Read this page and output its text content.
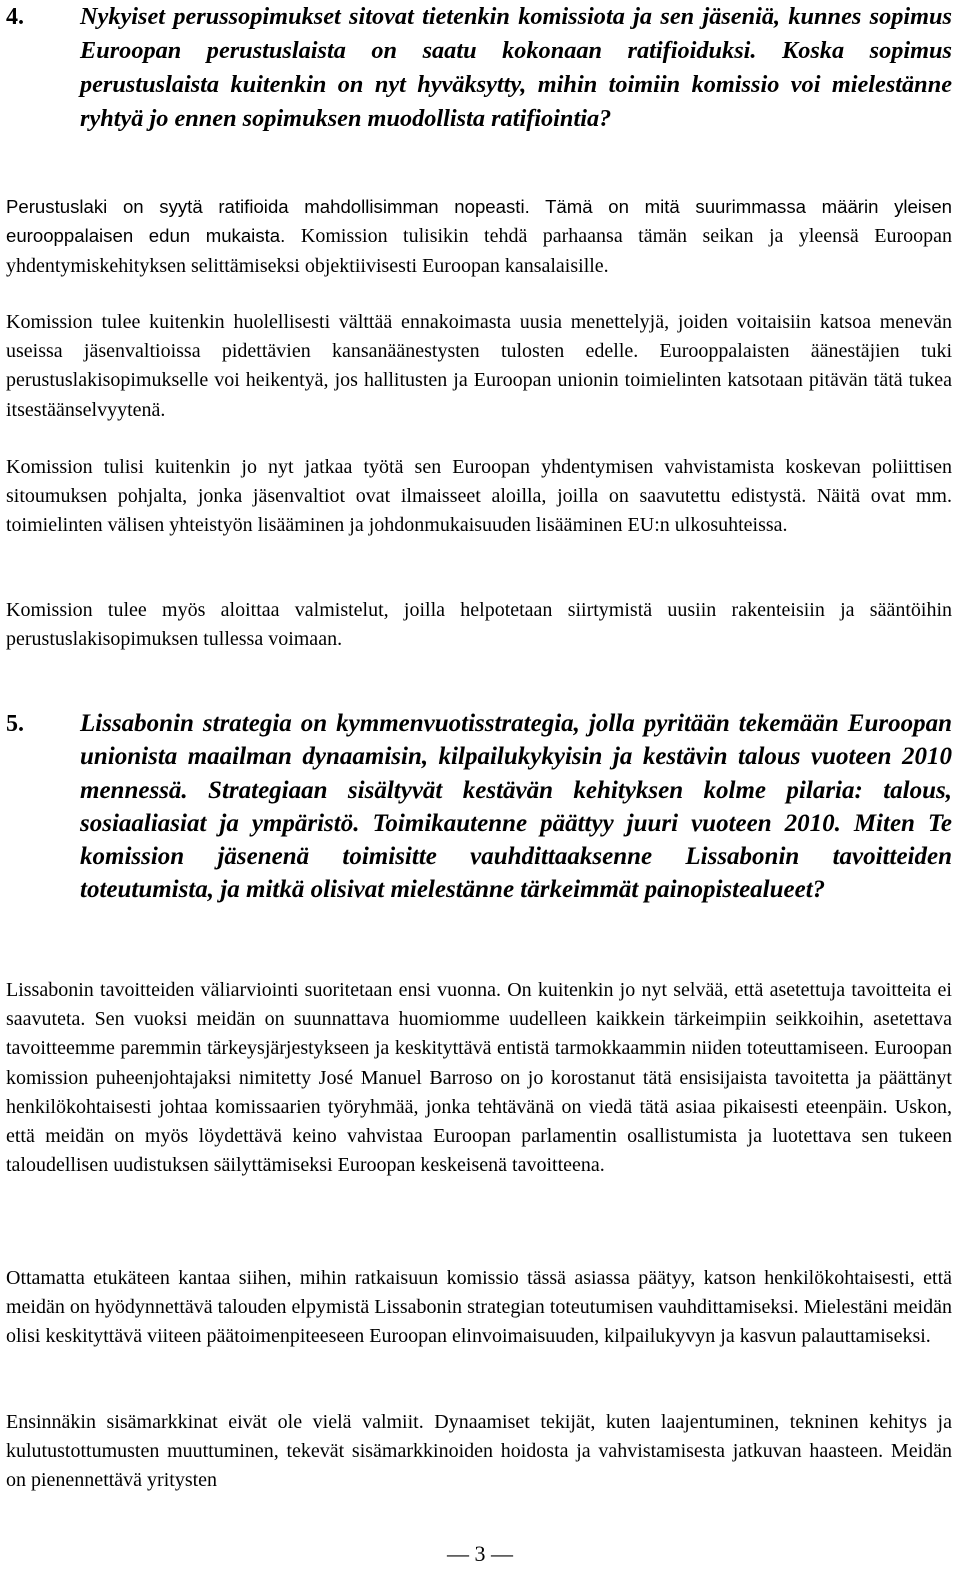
4.	Nykyiset perussopimukset sitovat tietenkin komissiota ja sen jäseniä, kunnes sopimus Euroopan perustuslaista on saatu kokonaan ratifioiduksi. Koska sopimus perustuslaista kuitenkin on nyt hyväksytty, mihin toimiin komissio voi mielestänne ryhtyä jo ennen sopimuksen muodollista ratifiointia?

Perustuslaki on syytä ratifioida mahdollisimman nopeasti. Tämä on mitä suurimmassa määrin yleisen eurooppalaisen edun mukaista. Komission tulisikin tehdä parhaansa tämän seikan ja yleensä Euroopan yhdentymiskehityksen selittämiseksi objektiivisesti Euroopan kansalaisille.

Komission tulee kuitenkin huolellisesti välttää ennakoimasta uusia menettelyjä, joiden voitaisiin katsoa menevän useissa jäsenvaltioissa pidettävien kansanäänestysten tulosten edelle. Eurooppalaisten äänestäjien tuki perustuslakisopimukselle voi heikentyä, jos hallitusten ja Euroopan unionin toimielinten katsotaan pitävän tätä tukea itsestäänselvyytenä.

Komission tulisi kuitenkin jo nyt jatkaa työtä sen Euroopan yhdentymisen vahvistamista koskevan poliittisen sitoumuksen pohjalta, jonka jäsenvaltiot ovat ilmaisseet aloilla, joilla on saavutettu edistystä. Näitä ovat mm. toimielinten välisen yhteistyön lisääminen ja johdonmukaisuuden lisääminen EU:n ulkosuhteissa.

Komission tulee myös aloittaa valmistelut, joilla helpotetaan siirtymistä uusiin rakenteisiin ja sääntöihin perustuslakisopimuksen tullessa voimaan.

5.	Lissabonin strategia on kymmenvuotisstrategia, jolla pyritään tekemään Euroopan unionista maailman dynaamisin, kilpailukykyisin ja kestävin talous vuoteen 2010 mennessä. Strategiaan sisältyvät kestävän kehityksen kolme pilaria: talous, sosiaaliasiat ja ympäristö. Toimikautenne päättyy juuri vuoteen 2010. Miten Te komission jäsenenä toimisitte vauhdittaaksenne Lissabonin tavoitteiden toteutumista, ja mitkä olisivat mielestänne tärkeimmät painopistealueet?

Lissabonin tavoitteiden väliarviointi suoritetaan ensi vuonna. On kuitenkin jo nyt selvää, että asetettuja tavoitteita ei saavuteta. Sen vuoksi meidän on suunnattava huomiomme uudelleen kaikkein tärkeimpiin seikkoihin, asetettava tavoitteemme paremmin tärkeysjärjestykseen ja keskityttävä entistä tarmokkaammin niiden toteuttamiseen. Euroopan komission puheenjohtajaksi nimitetty José Manuel Barroso on jo korostanut tätä ensisijaista tavoitetta ja päättänyt henkilökohtaisesti johtaa komissaarien työryhmää, jonka tehtävänä on viedä tätä asiaa pikaisesti eteenpäin. Uskon, että meidän on myös löydettävä keino vahvistaa Euroopan parlamentin osallistumista ja luotettava sen tukeen taloudellisen uudistuksen säilyttämiseksi Euroopan keskeisenä tavoitteena.

Ottamatta etukäteen kantaa siihen, mihin ratkaisuun komissio tässä asiassa päätyy, katson henkilökohtaisesti, että meidän on hyödynnettävä talouden elpymistä Lissabonin strategian toteutumisen vauhdittamiseksi. Mielestäni meidän olisi keskityttävä viiteen päätoimenpiteeseen Euroopan elinvoimaisuuden, kilpailukyvyn ja kasvun palauttamiseksi.

Ensinnäkin sisämarkkinat eivät ole vielä valmiit. Dynaamiset tekijät, kuten laajentuminen, tekninen kehitys ja kulutustottumusten muuttuminen, tekevät sisämarkkinoiden hoidosta ja vahvistamisesta jatkuvan haasteen. Meidän on pienennettävä yritysten

— 3 —
